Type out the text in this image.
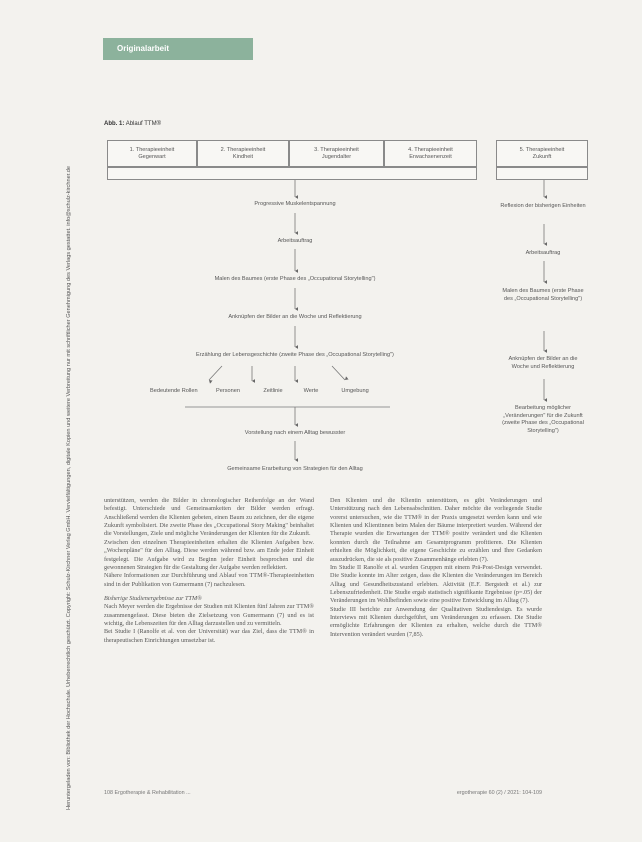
Originalarbeit
Heruntergeladen von: Bibliothek der Hochschule. Urheberrechtlich geschützt. Copyright: Schulz-Kirchner Verlag GmbH. Vervielfältigungen, digitale Kopien und weitere Verbreitung nur mit schriftlicher Genehmigung des Verlags gestattet. info@schulz-kirchner.de
Abb. 1: Ablauf TTM®
1. Therapieeinheit
Gegenwart
2. Therapieeinheit
Kindheit
3. Therapieeinheit
Jugendalter
4. Therapieeinheit
Erwachsenenzeit
5. Therapieeinheit
Zukunft
Progressive Muskelentspannung
Arbeitsauftrag
Malen des Baumes (erste Phase des „Occupational Storytelling")
Anknüpfen der Bilder an die Woche und Reflektierung
Erzählung der Lebensgeschichte (zweite Phase des „Occupational Storytelling")
Bedeutende Rollen	Personen	Zeitlinie	Werte	Umgebung
Vorstellung nach einem Alltag bewusster
Gemeinsame Erarbeitung von Strategien für den Alltag
Reflexion der bisherigen Einheiten
Arbeitsauftrag
Malen des Baumes (erste Phase des „Occupational Storytelling")
Anknüpfen der Bilder an die Woche und Reflektierung
Bearbeitung möglicher „Veränderungen" für die Zukunft (zweite Phase des „Occupational Storytelling")

unterstützen, werden die Bilder in chronologischer Reihenfolge an der Wand befestigt. Unterschiede und Gemeinsamkeiten der Bilder werden erfragt. Anschließend werden die Klienten gebeten, einen Baum zu zeichnen, der die eigene Zukunft symbolisiert. Die zweite Phase des „Occupational Story Making" beinhaltet die Vorstellungen, Ziele und mögliche Veränderungen der Klienten für die Zukunft.

Zwischen den einzelnen Therapieeinheiten erhalten die Klienten Aufgaben bzw. „Wochenpläne" für den Alltag. Diese werden während bzw. am Ende jeder Einheit festgelegt. Die Aufgabe wird zu Beginn jeder Einheit besprochen und die gewonnenen Strategien für die Gestaltung der Aufgabe werden reflektiert.

Nähere Informationen zur Durchführung und Ablauf von TTM®-Therapieeinheiten sind in der Publikation von Gumermann (7) nachzulesen.

Bisherige Studienergebnisse zur TTM®

Nach Meyer werden die Ergebnisse der Studien mit Klienten fünf Jahren zur TTM® zusammengefasst. Diese bieten die Zielsetzung von Gumermann (7) und es ist wichtig, die Lebenszeiten für den Alltag darzustellen und zu vermitteln.

Bei Studie I (Ranolfe et al. von der Universität) war das Ziel, dass die TTM® in therapeutischen Einrichtungen umsetzbar ist.

Den Klienten und die Klientin unterstützen, es gibt Veränderungen und Unterstützung nach den Lebensabschnitten. Daher möchte die vorliegende Studie vorerst untersuchen, wie die TTM® in der Praxis umgesetzt werden kann und wie Klienten und Klientinnen beim Malen der Bäume interpretiert wurden. Während der Therapie wurden die Erwartungen der TTM® positiv verändert und die Klienten konnten durch die Teilnahme am Gesamtprogramm profitieren. Die Klienten erhielten die Möglichkeit, die eigene Geschichte zu erzählen und Ihre Gedanken auszudrücken, die sie als positive Zusammenhänge erlebten (7).

Im Studie II Ranolfe et al. wurden Gruppen mit einem Prä-Post-Design verwendet. Die Studie konnte im Alter zeigen, dass die Klienten die Veränderungen im Bereich Alltag und Gesundheitszustand erlebten. Aktivität (E.F. Bergstedt et al.) zur Lebenszufriedenheit. Die Studie ergab statistisch signifikante Ergebnisse (p=.05) der Veränderungen im Wohlbefinden sowie eine positive Entwicklung im Alltag (7).

Studie III berichte zur Anwendung der Qualitativen Studiendesign. Es wurde Interviews mit Klienten durchgeführt, um Veränderungen zu erfassen. Die Studie ermöglichte Erfahrungen der Klienten zu erhalten, welche durch die TTM® Intervention verändert wurden (7,85).

108 Ergotherapie & Rehabilitation ...	ergotherapie 60 (2) / 2021: 104-109
